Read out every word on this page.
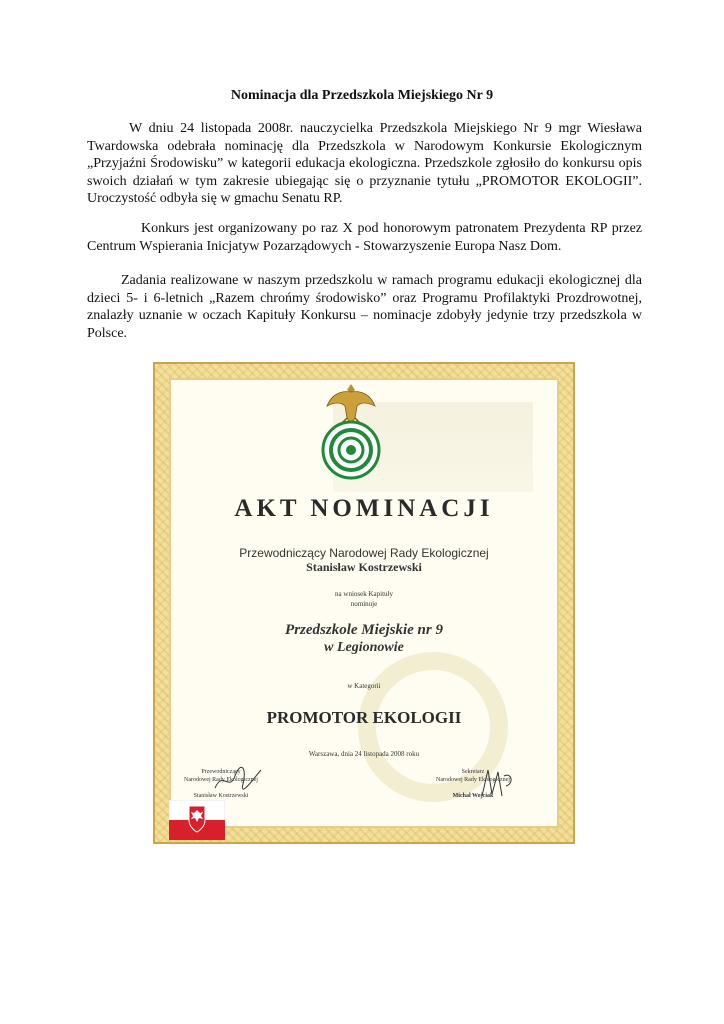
Nominacja dla Przedszkola Miejskiego Nr 9

W dniu 24 listopada 2008r. nauczycielka Przedszkola Miejskiego Nr 9 mgr Wiesława Twardowska odebrała nominację dla Przedszkola w Narodowym Konkursie Ekologicznym „Przyjaźni Środowisku” w kategorii edukacja ekologiczna. Przedszkole zgłosiło do konkursu opis swoich działań w tym zakresie ubiegając się o przyznanie tytułu „PROMOTOR EKOLOGII”. Uroczystość odbyła się w gmachu Senatu RP.

Konkurs jest organizowany po raz X pod honorowym patronatem Prezydenta RP przez Centrum Wspierania Inicjatyw Pozarządowych - Stowarzyszenie Europa Nasz Dom.

Zadania realizowane w naszym przedszkolu w ramach programu edukacji ekologicznej dla dzieci 5- i 6-letnich „Razem chrońmy środowisko” oraz Programu Profilaktyki Prozdrowotnej, znalazły uznanie w oczach Kapituły Konkursu – nominacje zdobyły jedynie trzy przedszkola w Polsce.

AKT NOMINACJI
Przewodniczący Narodowej Rady Ekologicznej
Stanisław Kostrzewski
na wniosek Kapituły
nominuje
Przedszkole Miejskie nr 9
w Legionowie
w Kategorii
PROMOTOR EKOLOGII
Warszawa, dnia 24 listopada 2008 roku
Przewodniczący
Narodowej Rady Ekologicznej
Stanisław Kostrzewski
Sekretarz
Narodowej Rady Ekologicznej
Michał Wojciak
